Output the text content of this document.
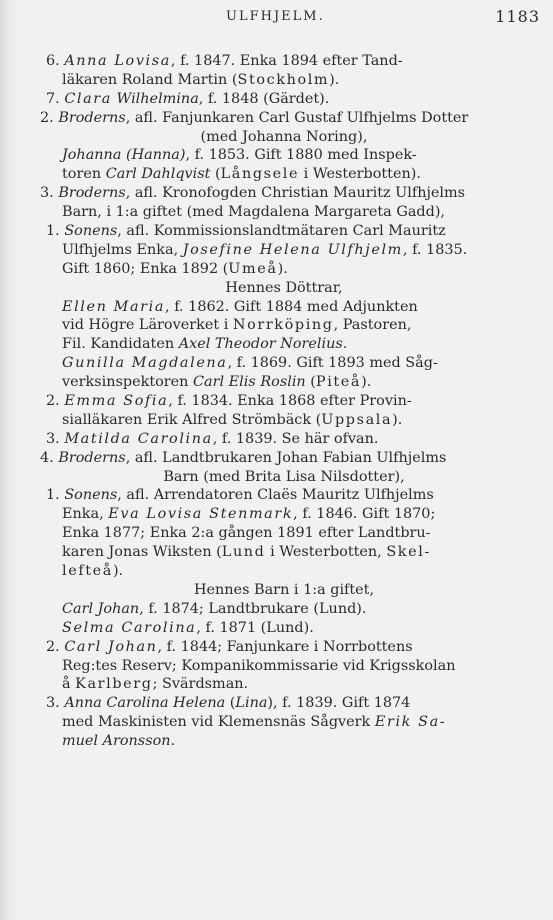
ULFHJELM.	1183
6. Anna Lovisa, f. 1847. Enka 1894 efter Tand-
läkaren Roland Martin (Stockholm).
7. Clara Wilhelmina, f. 1848 (Gärdet).
2. Broderns, afl. Fanjunkaren Carl Gustaf Ulfhjelms Dotter
(med Johanna Noring),
Johanna (Hanna), f. 1853. Gift 1880 med Inspek-
toren Carl Dahlqvist (Långsele i Westerbotten).
3. Broderns, afl. Kronofogden Christian Mauritz Ulfhjelms
Barn, i 1:a giftet (med Magdalena Margareta Gadd),
1. Sonens, afl. Kommissionslandtmätaren Carl Mauritz
Ulfhjelms Enka, Josefine Helena Ulfhjelm, f. 1835.
Gift 1860; Enka 1892 (Umeå).
Hennes Döttrar,
Ellen Maria, f. 1862. Gift 1884 med Adjunkten
vid Högre Läroverket i Norrköping, Pastoren,
Fil. Kandidaten Axel Theodor Norelius.
Gunilla Magdalena, f. 1869. Gift 1893 med Såg-
verksinspektoren Carl Elis Roslin (Piteå).
2. Emma Sofia, f. 1834. Enka 1868 efter Provin-
sialläkaren Erik Alfred Strömbäck (Uppsala).
3. Matilda Carolina, f. 1839. Se här ofvan.
4. Broderns, afl. Landtbrukaren Johan Fabian Ulfhjelms
Barn (med Brita Lisa Nilsdotter),
1. Sonens, afl. Arrendatoren Claës Mauritz Ulfhjelms
Enka, Eva Lovisa Stenmark, f. 1846. Gift 1870;
Enka 1877; Enka 2:a gången 1891 efter Landtbru-
karen Jonas Wiksten (Lund i Westerbotten, Skel-
lefteå).
Hennes Barn i 1:a giftet,
Carl Johan, f. 1874; Landtbrukare (Lund).
Selma Carolina, f. 1871 (Lund).
2. Carl Johan, f. 1844; Fanjunkare i Norrbottens
Reg:tes Reserv; Kompanikommissarie vid Krigsskolan
å Karlberg; Svärdsman.
3. Anna Carolina Helena (Lina), f. 1839. Gift 1874
med Maskinisten vid Klemensnäs Sågverk Erik Sa-
muel Aronsson.
